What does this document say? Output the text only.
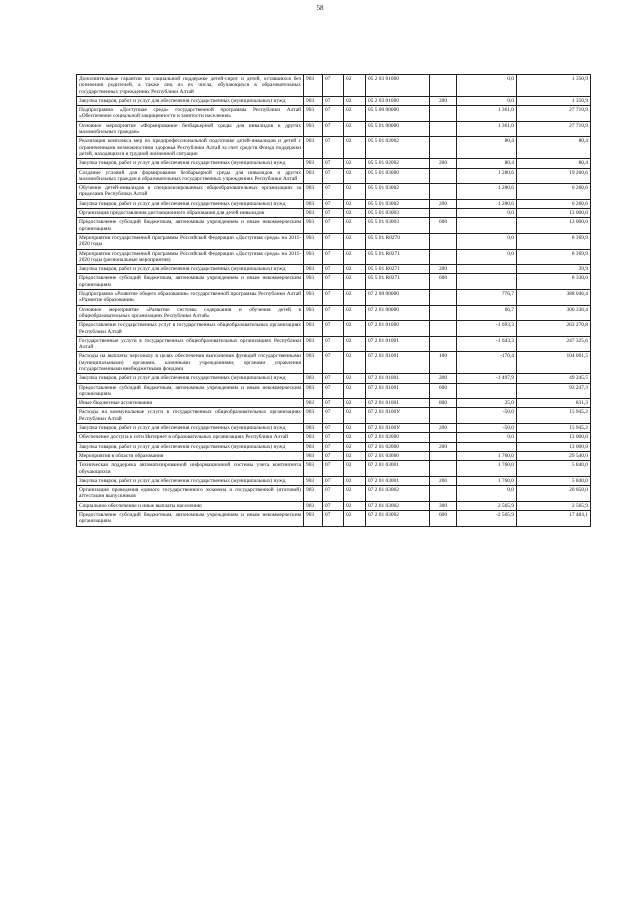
58
Дополнительные гарантии по социальной поддержке детей-сирот и детей, оставшихся без попечения родителей, а также лиц из их числа, обучающихся в образовательных государственных учреждениях Республики Алтай	903	07	02	05 2 03 01000		0,0	1 350,9
Закупка товаров, работ и услуг для обеспечения государственных (муниципальных) нужд	903	07	02	05 2 03 01000	200	0,0	1 350,9
Подпрограмма «Доступная среда» государственной программы Республики Алтай «Обеспечение социальной защищенности и занятости населения»	903	07	02	05 5 00 00000		1 361,0	27 710,9
Основное мероприятие «Формирование безбарьерной среды для инвалидов и других маломобильных граждан»	903	07	02	05 5 01 00000		1 361,0	27 710,9
Реализация комплекса мер по предпрофессиональной подготовке детей-инвалидов и детей с ограниченными возможностями здоровья Республики Алтай за счет средств Фонда поддержки детей, находящихся в трудной жизненной ситуации	903	07	02	05 5 01 02002		80,4	80,4
Закупка товаров, работ и услуг для обеспечения государственных (муниципальных) нужд	903	07	02	05 5 01 02002	200	80,4	80,4
Создание условий для формирования безбарьерной среды для инвалидов и других маломобильных граждан в образовательных государственных учреждениях Республики Алтай	903	07	02	05 5 01 03000		1 280,6	19 260,6
Обучение детей-инвалидов в специализированных общеобразовательных организациях за пределами Республики Алтай	903	07	02	05 5 01 03002		1 280,6	6 260,6
Закупка товаров, работ и услуг для обеспечения государственных (муниципальных) нужд	903	07	02	05 5 01 03002	200	1 280,6	6 260,6
Организация предоставления дистанционного образования для детей инвалидов	903	07	02	05 5 01 03003		0,0	13 000,0
Предоставление субсидий бюджетным, автономным учреждениям и иным некоммерческим организациям	903	07	02	05 5 01 03003	600		13 000,0
Мероприятия государственной программы Российской Федерации «Доступная среда» на 2011-2020 годы	903	07	02	05 5 01 R0270		0,0	8 369,9
Мероприятия государственной программы Российской Федерации «Доступная среда» на 2011-2020 годы (региональные мероприятия)	903	07	02	05 5 01 R0271		0,0	8 369,9
Закупка товаров, работ и услуг для обеспечения государственных (муниципальных) нужд	903	07	02	05 5 01 R0271	200		39,9
Предоставление субсидий бюджетным, автономным учреждениям и иным некоммерческим организациям	903	07	02	05 5 01 R0271	600		8 330,0
Подпрограмма «Развитие общего образования» государственной программы Республики Алтай «Развитие образования»	903	07	02	07 2 00 00000		776,7	388 046,4
Основное мероприятие «Развитие системы содержания и обучения детей в общеобразовательных организациях Республики Алтай»	903	07	02	07 2 01 00000		66,7	306 336,4
Предоставление государственных услуг в государственных общеобразовательных организациях Республики Алтай	903	07	02	07 2 01 01000		-1 693,3	263 270,8
Государственные услуги в государственных общеобразовательных организациях Республики Алтай	903	07	02	07 2 01 01001		-1 643,3	247 325,6
Расходы на выплаты персоналу в целях обеспечения выполнения функций государственными (муниципальными) органами, казенными учреждениями, органами управления государственными внебюджетными фондами	903	07	02	07 2 01 01001	100	-170,4	104 001,5
Закупка товаров, работ и услуг для обеспечения государственных (муниципальных) нужд	903	07	02	07 2 01 01001	200	-1 497,9	49 245,5
Предоставление субсидий бюджетным, автономным учреждениям и иным некоммерческим организациям	903	07	02	07 2 01 01001	600		93 247,3
Иные бюджетные ассигнования	903	07	02	07 2 01 01001	800	25,0	831,3
Расходы на коммунальные услуги в государственных общеобразовательных организациях Республики Алтай	903	07	02	07 2 01 0100У		-50,0	15 945,2
Закупка товаров, работ и услуг для обеспечения государственных (муниципальных) нужд	903	07	02	07 2 01 0100У	200	-50,0	15 945,2
Обеспечение доступа к сети Интернет в образовательных организациях Республики Алтай	903	07	02	07 2 01 02000		0,0	13 000,0
Закупка товаров, работ и услуг для обеспечения государственных (муниципальных) нужд	903	07	02	07 2 01 02000	200		13 000,0
Мероприятия в области образования	903	07	02	07 2 01 03000		1 760,0	29 540,0
Техническая поддержка автоматизированной информационной системы учета контингента обучающихся	903	07	02	07 2 01 03001		1 760,0	5 840,0
Закупка товаров, работ и услуг для обеспечения государственных (муниципальных) нужд	903	07	02	07 2 01 03001	200	1 760,0	5 840,0
Организация проведения единого государственного экзамена и государственной (итоговой) аттестации выпускников	903	07	02	07 2 01 03002		0,0	20 050,0
Социальное обеспечение и иные выплаты населению	903	07	02	07 2 01 03002	300	2 565,9	2 565,9
Предоставление субсидий бюджетным, автономным учреждениям и иным некоммерческим организациям	903	07	02	07 2 01 03002	600	-2 565,9	17 484,1
